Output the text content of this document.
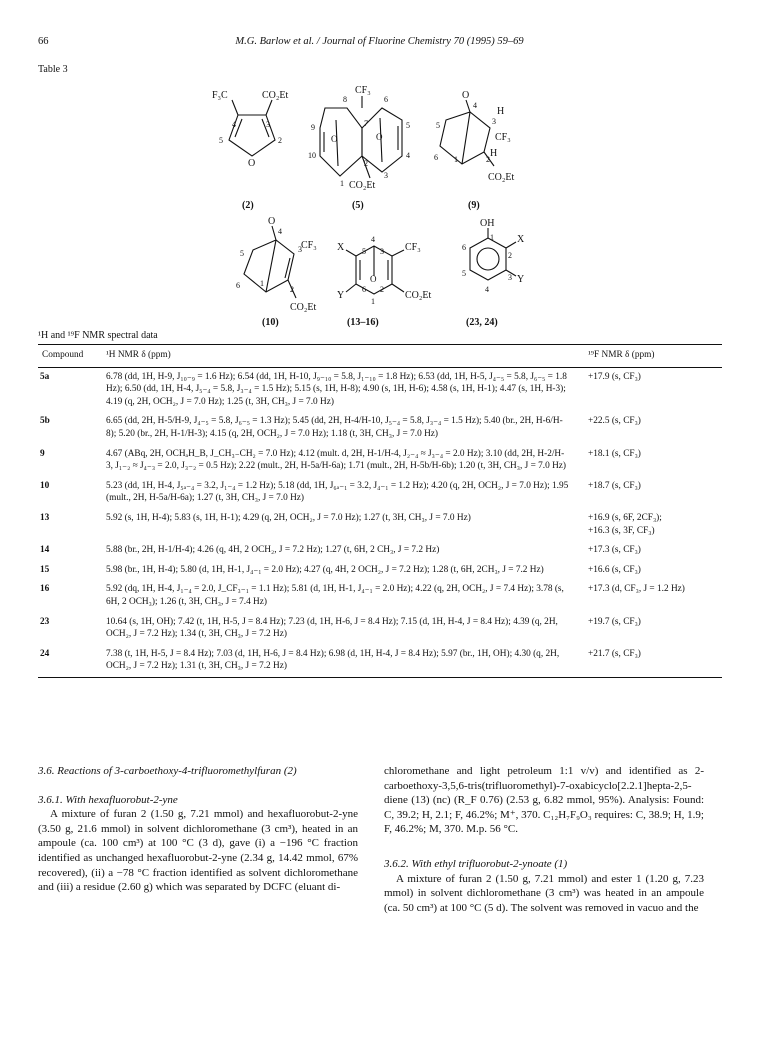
66	M.G. Barlow et al. / Journal of Fluorine Chemistry 70 (1995) 59–69
Table 3
F₃C	CO₂Et
4	3
5	2
O
CF₃
O	O
CO₂Et
8	6
9
10
5
4
7
2
3
1
O
4
3
H
CF₃
H
2
1
5
6
CO₂Et
O
4
3 CF₃
2
1
5
6
CO₂Et
O
X
Y
CF₃
CO₂Et
4
5 3
6 2
1
OH
1 X
Y
2
3
4
5
6
(2)	(5)	(9)
(10)	(13–16)	(23, 24)
¹H and ¹⁹F NMR spectral data
Compound	¹H NMR δ (ppm)	¹⁹F NMR δ (ppm)
5a	6.78 (dd, 1H, H-9, J₁₀₋₉ = 1.6 Hz); 6.54 (dd, 1H, H-10, J₉₋₁₀ = 5.8, J₁₋₁₀ = 1.8 Hz); 6.53 (dd, 1H, H-5, J₄₋₅ = 5.8, J₆₋₅ = 1.8 Hz); 6.50 (dd, 1H, H-4, J₅₋₄ = 5.8, J₃₋₄ = 1.5 Hz); 5.15 (s, 1H, H-8); 4.90 (s, 1H, H-6); 4.58 (s, 1H, H-1); 4.47 (s, 1H, H-3); 4.19 (q, 2H, OCH₂, J = 7.0 Hz); 1.25 (t, 3H, CH₃, J = 7.0 Hz)	+17.9 (s, CF₃)
5b	6.65 (dd, 2H, H-5/H-9, J₄₋₅ = 5.8, J₆₋₅ = 1.3 Hz); 5.45 (dd, 2H, H-4/H-10, J₅₋₄ = 5.8, J₃₋₄ = 1.5 Hz); 5.40 (br., 2H, H-6/H-8); 5.20 (br., 2H, H-1/H-3); 4.15 (q, 2H, OCH₂, J = 7.0 Hz); 1.18 (t, 3H, CH₃, J = 7.0 Hz)	+22.5 (s, CF₃)
9	4.67 (ABq, 2H, OCHₐH_B, J_CH₃₋CH₂ = 7.0 Hz); 4.12 (mult. d, 2H, H-1/H-4, J₂₋₄ ≈ J₃₋₄ = 2.0 Hz); 3.10 (dd, 2H, H-2/H-3, J₁₋₂ ≈ J₄₋₃ = 2.0, J₃₋₂ = 0.5 Hz); 2.22 (mult., 2H, H-5a/H-6a); 1.71 (mult., 2H, H-5b/H-6b); 1.20 (t, 3H, CH₃, J = 7.0 Hz)	+18.1 (s, CF₃)
10	5.23 (dd, 1H, H-4, J₅ₐ₋₄ = 3.2, J₁₋₄ = 1.2 Hz); 5.18 (dd, 1H, J₆ₐ₋₁ = 3.2, J₄₋₁ = 1.2 Hz); 4.20 (q, 2H, OCH₂, J = 7.0 Hz); 1.95 (mult., 2H, H-5a/H-6a); 1.27 (t, 3H, CH₃, J = 7.0 Hz)	+18.7 (s, CF₃)
13	5.92 (s, 1H, H-4); 5.83 (s, 1H, H-1); 4.29 (q, 2H, OCH₂, J = 7.0 Hz); 1.27 (t, 3H, CH₃, J = 7.0 Hz)	+16.9 (s, 6F, 2CF₃);
+16.3 (s, 3F, CF₃)
14	5.88 (br., 2H, H-1/H-4); 4.26 (q, 4H, 2 OCH₂, J = 7.2 Hz); 1.27 (t, 6H, 2 CH₃, J = 7.2 Hz)	+17.3 (s, CF₃)
15	5.98 (br., 1H, H-4); 5.80 (d, 1H, H-1, J₄₋₁ = 2.0 Hz); 4.27 (q, 4H, 2 OCH₂, J = 7.2 Hz); 1.28 (t, 6H, 2CH₃, J = 7.2 Hz)	+16.6 (s, CF₃)
16	5.92 (dq, 1H, H-4, J₁₋₄ = 2.0, J_CF₃₋₁ = 1.1 Hz); 5.81 (d, 1H, H-1, J₄₋₁ = 2.0 Hz); 4.22 (q, 2H, OCH₂, J = 7.4 Hz); 3.78 (s, 6H, 2 OCH₃); 1.26 (t, 3H, CH₃, J = 7.4 Hz)	+17.3 (d, CF₃, J = 1.2 Hz)
23	10.64 (s, 1H, OH); 7.42 (t, 1H, H-5, J = 8.4 Hz); 7.23 (d, 1H, H-6, J = 8.4 Hz); 7.15 (d, 1H, H-4, J = 8.4 Hz); 4.39 (q, 2H, OCH₂, J = 7.2 Hz); 1.34 (t, 3H, CH₃, J = 7.2 Hz)	+19.7 (s, CF₃)
24	7.38 (t, 1H, H-5, J = 8.4 Hz); 7.03 (d, 1H, H-6, J = 8.4 Hz); 6.98 (d, 1H, H-4, J = 8.4 Hz); 5.97 (br., 1H, OH); 4.30 (q, 2H, OCH₂, J = 7.2 Hz); 1.31 (t, 3H, CH₃, J = 7.2 Hz)	+21.7 (s, CF₃)
3.6. Reactions of 3-carboethoxy-4-trifluoromethylfuran (2)
3.6.1. With hexafluorobut-2-yne

A mixture of furan 2 (1.50 g, 7.21 mmol) and hexafluorobut-2-yne (3.50 g, 21.6 mmol) in solvent dichloromethane (3 cm³), heated in an ampoule (ca. 100 cm³) at 100 °C (3 d), gave (i) a −196 °C fraction identified as unchanged hexafluorobut-2-yne (2.34 g, 14.42 mmol, 67% recovered), (ii) a −78 °C fraction identified as solvent dichloromethane and (iii) a residue (2.60 g) which was separated by DCFC (eluant di-

chloromethane and light petroleum 1:1 v/v) and identified as 2-carboethoxy-3,5,6-tris(trifluoromethyl)-7-oxabicyclo[2.2.1]hepta-2,5-diene (13) (nc) (R_F 0.76) (2.53 g, 6.82 mmol, 95%). Analysis: Found: C, 39.2; H, 2.1; F, 46.2%; M⁺, 370. C₁₂H₇F₉O₃ requires: C, 38.9; H, 1.9; F, 46.2%; M, 370. M.p. 56 °C.

3.6.2. With ethyl trifluorobut-2-ynoate (1)

A mixture of furan 2 (1.50 g, 7.21 mmol) and ester 1 (1.20 g, 7.23 mmol) in solvent dichloromethane (3 cm³) was heated in an ampoule (ca. 50 cm³) at 100 °C (5 d). The solvent was removed in vacuo and the
